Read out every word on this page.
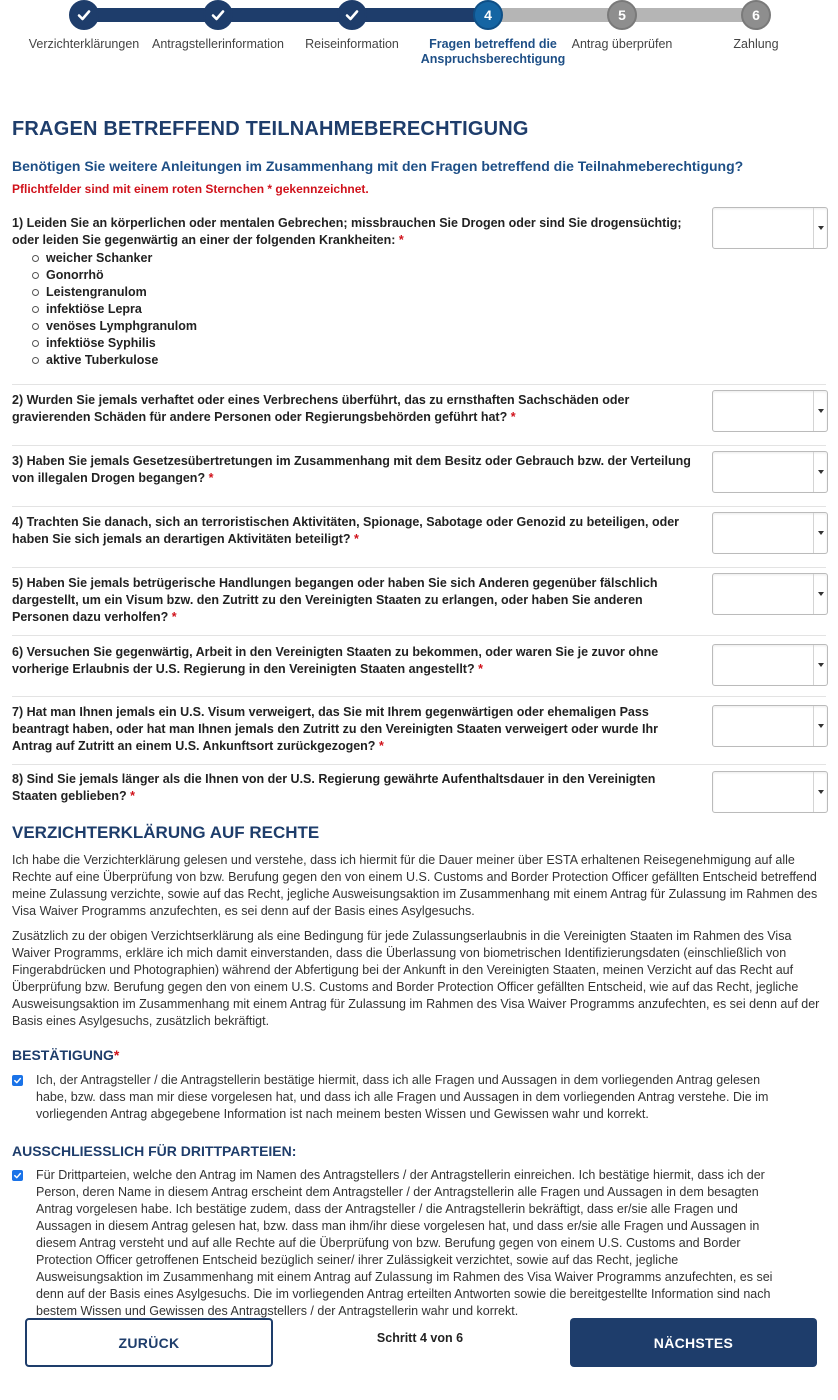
4	5	6
Verzichterklärungen	Antragstellerinformation	Reiseinformation	Fragen betreffend die Anspruchsberechtigung
Antrag überprüfen	Zahlung
FRAGEN BETREFFEND TEILNAHMEBERECHTIGUNG
Benötigen Sie weitere Anleitungen im Zusammenhang mit den Fragen betreffend die Teilnahmeberechtigung?
Pflichtfelder sind mit einem roten Sternchen * gekennzeichnet.
1) Leiden Sie an körperlichen oder mentalen Gebrechen; missbrauchen Sie Drogen oder sind Sie drogensüchtig; oder leiden Sie gegenwärtig an einer der folgenden Krankheiten: *
weicher Schanker
Gonorrhö
Leistengranulom
infektiöse Lepra
venöses Lymphgranulom
infektiöse Syphilis
aktive Tuberkulose
2) Wurden Sie jemals verhaftet oder eines Verbrechens überführt, das zu ernsthaften Sachschäden oder gravierenden Schäden für andere Personen oder Regierungsbehörden geführt hat? *
3) Haben Sie jemals Gesetzesübertretungen im Zusammenhang mit dem Besitz oder Gebrauch bzw. der Verteilung von illegalen Drogen begangen? *
4) Trachten Sie danach, sich an terroristischen Aktivitäten, Spionage, Sabotage oder Genozid zu beteiligen, oder haben Sie sich jemals an derartigen Aktivitäten beteiligt? *
5) Haben Sie jemals betrügerische Handlungen begangen oder haben Sie sich Anderen gegenüber fälschlich dargestellt, um ein Visum bzw. den Zutritt zu den Vereinigten Staaten zu erlangen, oder haben Sie anderen Personen dazu verholfen? *
6) Versuchen Sie gegenwärtig, Arbeit in den Vereinigten Staaten zu bekommen, oder waren Sie je zuvor ohne vorherige Erlaubnis der U.S. Regierung in den Vereinigten Staaten angestellt? *
7) Hat man Ihnen jemals ein U.S. Visum verweigert, das Sie mit Ihrem gegenwärtigen oder ehemaligen Pass beantragt haben, oder hat man Ihnen jemals den Zutritt zu den Vereinigten Staaten verweigert oder wurde Ihr Antrag auf Zutritt an einem U.S. Ankunftsort zurückgezogen? *
8) Sind Sie jemals länger als die Ihnen von der U.S. Regierung gewährte Aufenthaltsdauer in den Vereinigten Staaten geblieben? *
VERZICHTERKLÄRUNG AUF RECHTE

Ich habe die Verzichterklärung gelesen und verstehe, dass ich hiermit für die Dauer meiner über ESTA erhaltenen Reisegenehmigung auf alle Rechte auf eine Überprüfung von bzw. Berufung gegen den von einem U.S. Customs and Border Protection Officer gefällten Entscheid betreffend meine Zulassung verzichte, sowie auf das Recht, jegliche Ausweisungsaktion im Zusammenhang mit einem Antrag für Zulassung im Rahmen des Visa Waiver Programms anzufechten, es sei denn auf der Basis eines Asylgesuchs.

Zusätzlich zu der obigen Verzichtserklärung als eine Bedingung für jede Zulassungserlaubnis in die Vereinigten Staaten im Rahmen des Visa Waiver Programms, erkläre ich mich damit einverstanden, dass die Überlassung von biometrischen Identifizierungsdaten (einschließlich von Fingerabdrücken und Photographien) während der Abfertigung bei der Ankunft in den Vereinigten Staaten, meinen Verzicht auf das Recht auf Überprüfung bzw. Berufung gegen den von einem U.S. Customs and Border Protection Officer gefällten Entscheid, wie auf das Recht, jegliche Ausweisungsaktion im Zusammenhang mit einem Antrag für Zulassung im Rahmen des Visa Waiver Programms anzufechten, es sei denn auf der Basis eines Asylgesuchs, zusätzlich bekräftigt.

BESTÄTIGUNG*
Ich, der Antragsteller / die Antragstellerin bestätige hiermit, dass ich alle Fragen und Aussagen in dem vorliegenden Antrag gelesen habe, bzw. dass man mir diese vorgelesen hat, und dass ich alle Fragen und Aussagen in dem vorliegenden Antrag verstehe. Die im vorliegenden Antrag abgegebene Information ist nach meinem besten Wissen und Gewissen wahr und korrekt.
AUSSCHLIESSLICH FÜR DRITTPARTEIEN:
Für Drittparteien, welche den Antrag im Namen des Antragstellers / der Antragstellerin einreichen. Ich bestätige hiermit, dass ich der Person, deren Name in diesem Antrag erscheint dem Antragsteller / der Antragstellerin alle Fragen und Aussagen in dem besagten Antrag vorgelesen habe. Ich bestätige zudem, dass der Antragsteller / die Antragstellerin bekräftigt, dass er/sie alle Fragen und Aussagen in diesem Antrag gelesen hat, bzw. dass man ihm/ihr diese vorgelesen hat, und dass er/sie alle Fragen und Aussagen in diesem Antrag versteht und auf alle Rechte auf die Überprüfung von bzw. Berufung gegen von einem U.S. Customs and Border Protection Officer getroffenen Entscheid bezüglich seiner/ ihrer Zulässigkeit verzichtet, sowie auf das Recht, jegliche Ausweisungsaktion im Zusammenhang mit einem Antrag auf Zulassung im Rahmen des Visa Waiver Programms anzufechten, es sei denn auf der Basis eines Asylgesuchs. Die im vorliegenden Antrag erteilten Antworten sowie die bereitgestellte Information sind nach bestem Wissen und Gewissen des Antragstellers / der Antragstellerin wahr und korrekt.
ZURÜCK	Schritt 4 von 6	NÄCHSTES
